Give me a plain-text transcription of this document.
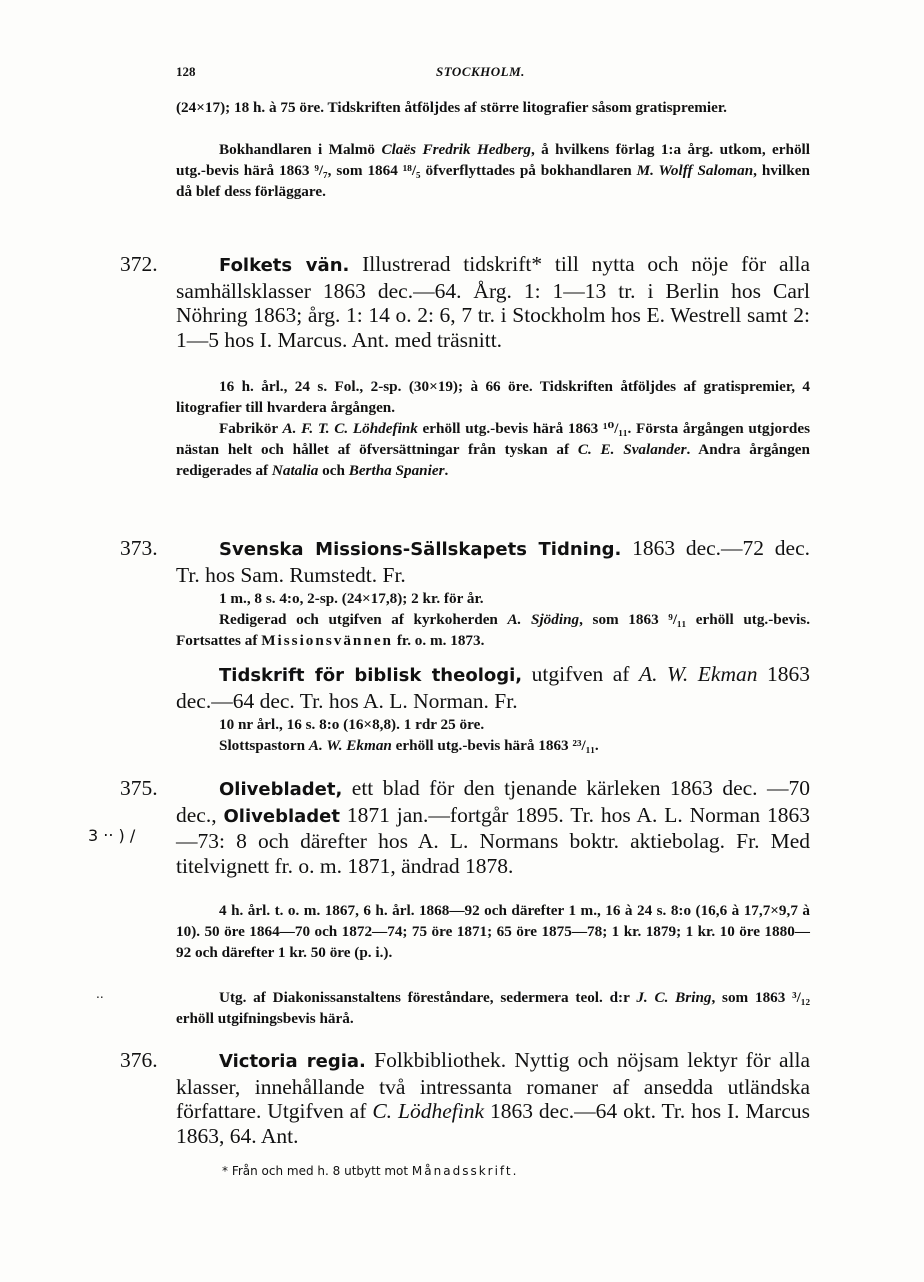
128	STOCKHOLM.
(24×17); 18 h. à 75 öre. Tidskriften åtföljdes af större litografier såsom gratispremier.
Bokhandlaren i Malmö Claës Fredrik Hedberg, å hvilkens förlag 1:a årg. utkom, erhöll utg.-bevis härå 1863 ⁹/₇, som 1864 ¹⁸/₅ öfverflyttades på bokhandlaren M. Wolff Saloman, hvilken då blef dess förläggare.
372.	Folkets vän. Illustrerad tidskrift* till nytta och nöje för alla samhällsklasser 1863 dec.—64. Årg. 1: 1—13 tr. i Berlin hos Carl Nöhring 1863; årg. 1: 14 o. 2: 6, 7 tr. i Stockholm hos E. Westrell samt 2: 1—5 hos I. Marcus. Ant. med träsnitt.
16 h. årl., 24 s. Fol., 2-sp. (30×19); à 66 öre. Tidskriften åtföljdes af gratispremier, 4 litografier till hvardera årgången.
Fabrikör A. F. T. C. Löhdefink erhöll utg.-bevis härå 1863 ¹⁰/₁₁. Första årgången utgjordes nästan helt och hållet af öfversättningar från tyskan af C. E. Svalander. Andra årgången redigerades af Natalia och Bertha Spanier.
373.	Svenska Missions-Sällskapets Tidning. 1863 dec.—72 dec. Tr. hos Sam. Rumstedt. Fr.
1 m., 8 s. 4:o, 2-sp. (24×17,8); 2 kr. för år.
Redigerad och utgifven af kyrkoherden A. Sjöding, som 1863 ⁹/₁₁ erhöll utg.-bevis. Fortsattes af Missionsvännen fr. o. m. 1873.
Tidskrift för biblisk theologi, utgifven af A. W. Ekman 1863 dec.—64 dec. Tr. hos A. L. Norman. Fr.
10 nr årl., 16 s. 8:o (16×8,8). 1 rdr 25 öre.
Slottspastorn A. W. Ekman erhöll utg.-bevis härå 1863 ²³/₁₁.
375.
3 ‧‧ ) /
Olivebladet, ett blad för den tjenande kärleken 1863 dec. —70 dec., Olivebladet 1871 jan.—fortgår 1895. Tr. hos A. L. Norman 1863—73: 8 och därefter hos A. L. Normans boktr. aktiebolag. Fr. Med titelvignett fr. o. m. 1871, ändrad 1878.
4 h. årl. t. o. m. 1867, 6 h. årl. 1868—92 och därefter 1 m., 16 à 24 s. 8:o (16,6 à 17,7×9,7 à 10). 50 öre 1864—70 och 1872—74; 75 öre 1871; 65 öre 1875—78; 1 kr. 1879; 1 kr. 10 öre 1880—92 och därefter 1 kr. 50 öre (p. i.).
‧‧	Utg. af Diakonissanstaltens föreståndare, sedermera teol. d:r J. C. Bring, som 1863 ³/₁₂ erhöll utgifningsbevis härå.
376.	Victoria regia. Folkbibliothek. Nyttig och nöjsam lektyr för alla klasser, innehållande två intressanta romaner af ansedda utländska författare. Utgifven af C. Lödhefink 1863 dec.—64 okt. Tr. hos I. Marcus 1863, 64. Ant.
* Från och med h. 8 utbytt mot Månadsskrift.
